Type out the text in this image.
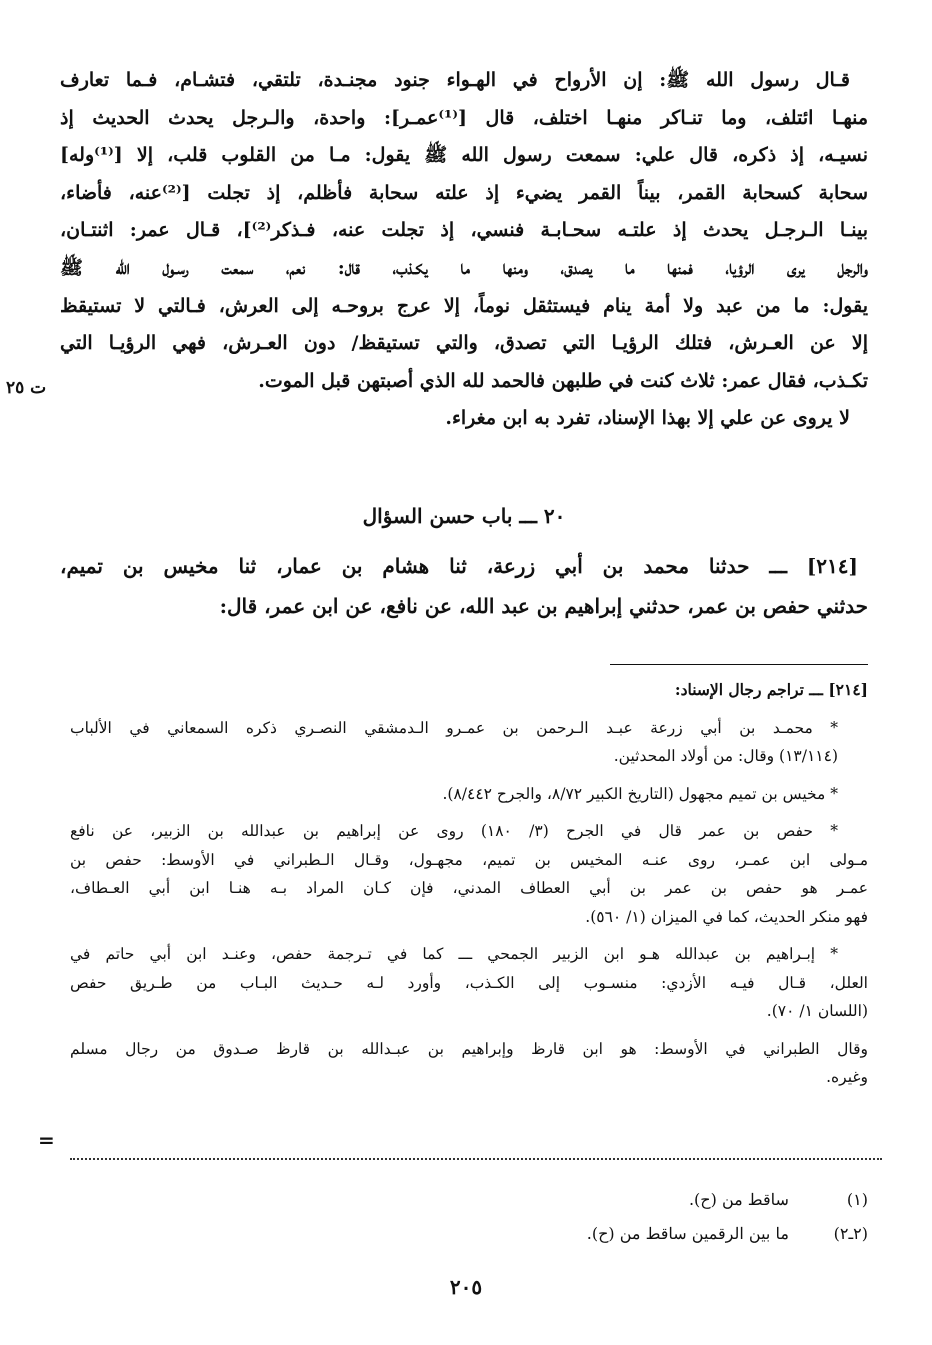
قـال رسول الله ﷺ: إن الأرواح في الهـواء جنود مجنـدة، تلتقي، فتشـام، فـما تعارف
منهـا ائتلف، وما تنـاكر منهـا اختلف، قال [⁽¹⁾عمـر]: واحدة، والـرجل يحدث الحديث إذ
نسيـه، إذ ذكره، قال علي: سمعت رسول الله ﷺ يقول: مـا من القلوب قلب، إلا [⁽¹⁾وله]
سحابة كسحابة القمر، بيناً القمر يضيء إذ علته سحابة فأظلم، إذ تجلت [⁽²⁾عنه، فأضاء،
بينـا الـرجـل يحدث إذ علتـه سحـابـة فنسي، إذ تجلت عنه، فـذكر⁽²⁾]، قـال عمر: اثنتـان،
والرجل يرى الرؤيا، فمنها ما يصدق، ومنها ما يكـذب، قال: نعم، سمعت رسـول الله ﷺ
يقول: ما من عبد ولا أمة ينام فيستثقل نوماً، إلا عرج بروحـه إلى العرش، فـالتي لا تستيقظ
إلا عن العـرش، فتلك الرؤيـا التي تصدق، والتي تستيقظ/ دون العـرش، فهي الرؤيـا التي
تكـذب، فقال عمر: ثلاث كنت في طلبهن فالحمد لله الذي أصبتهن قبل الموت.
لا يروى عن علي إلا بهذا الإسناد، تفرد به ابن مغراء.
ت ٢٥
٢٠ ـــ باب حسن السؤال
[٢١٤] ـــ حدثنا محمد بن أبي زرعة، ثنا هشام بن عمار، ثنا مخيس بن تميم،
حدثني حفص بن عمر، حدثني إبراهيم بن عبد الله، عن نافع، عن ابن عمر، قال:
[٢١٤] ـــ تراجم رجال الإسناد:
* محمـد بن أبي زرعة عبـد الـرحمن بن عمـرو الـدمشقي النصـري ذكره السمعاني في الألباب
(١٣/١١٤) وقال: من أولاد المحدثين.
* مخيس بن تميم مجهول (التاريخ الكبير ٨/٧٢، والجرح ٨/٤٤٢).
* حفص بن عمر قال في الجرح (٣/ ١٨٠) روى عن إبراهيم بن عبدالله بن الزبير، عن نافع
مـولى ابن عمـر، روى عنـه المخيس بن تميم، مجهـول، وقـال الـطبراني في الأوسط: حفص بن
عمـر هو حفص بن عمر بن أبي العطاف المدني، فإن كـان المراد بـه هنـا ابن أبي العـطاف،
فهو منكر الحديث، كما في الميزان (١/ ٥٦٠).
* إبـراهيم بن عبدالله هـو ابن الزبير الجمحي ـــ كما في تـرجمة حفص، وعنـد ابن أبي حاتم في
العلل، قـال فيـه الأزدي: منسـوب إلى الكـذب، وأورد لـه حـديث البـاب من طـريق حفص
(اللسان ١/ ٧٠).
وقال الطبراني في الأوسط: هو ابن قارظ وإبراهيم بن عبـدالله بن قارظ صـدوق من رجال مسلم
وغيره.
=
(١) ساقط من (ح).
(٢ـ٢) ما بين الرقمين ساقط من (ح).
٢٠٥
